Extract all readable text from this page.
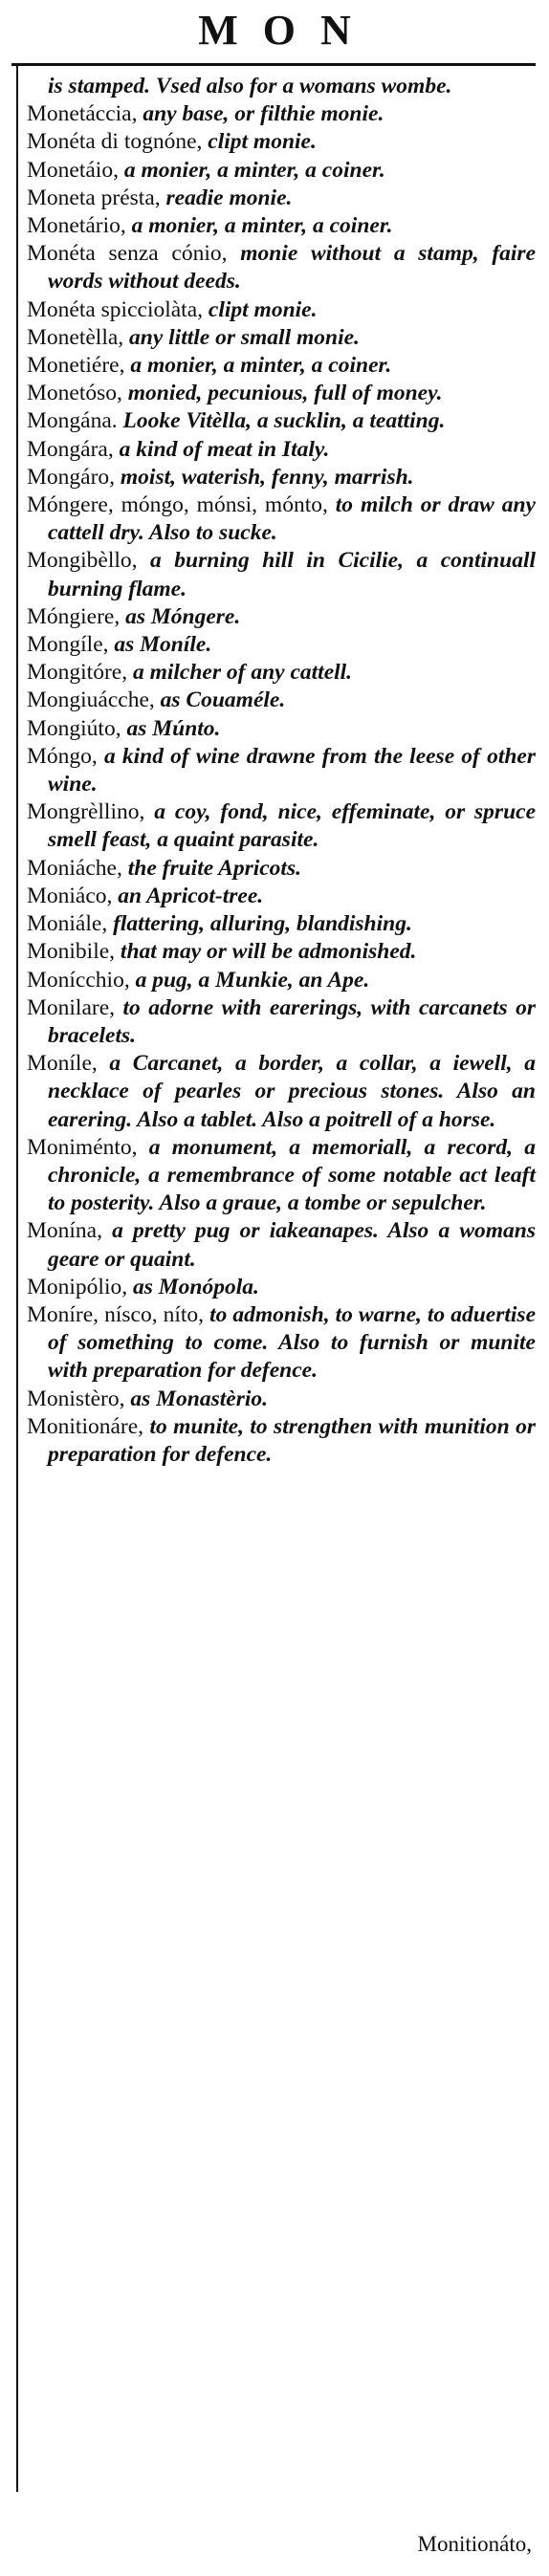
MON

is stamped. Vsed also for a womans wombe.

Monetáccia, any base, or filthie monie.

Monéta di tognóne, clipt monie.

Monetáio, a monier, a minter, a coiner.

Moneta présta, readie monie.

Monetário, a monier, a minter, a coiner.

Monéta senza cónio, monie without a stamp, faire words without deeds.

Monéta spicciolàta, clipt monie.

Monetèlla, any little or small monie.

Monetiére, a monier, a minter, a coiner.

Monetóso, monied, pecunious, full of money.

Mongána. Looke Vitèlla, a sucklin, a teatting.

Mongára, a kind of meat in Italy.

Mongáro, moist, waterish, fenny, marrish.

Móngere, móngo, mónsi, mónto, to milch or draw any cattell dry. Also to sucke.

Mongibèllo, a burning hill in Cicilie, a continuall burning flame.

Móngiere, as Móngere.

Mongíle, as Moníle.

Mongitóre, a milcher of any cattell.

Mongiuácche, as Couaméle.

Mongiúto, as Múnto.

Móngo, a kind of wine drawne from the leese of other wine.

Mongrèllino, a coy, fond, nice, effeminate, or spruce smell feast, a quaint parasite.

Moniáche, the fruite Apricots.

Moniáco, an Apricot-tree.

Moniále, flattering, alluring, blandishing.

Monibile, that may or will be admonished.

Monícchio, a pug, a Munkie, an Ape.

Monilare, to adorne with earerings, with carcanets or bracelets.

Moníle, a Carcanet, a border, a collar, a iewell, a necklace of pearles or precious stones. Also an earering. Also a tablet. Also a poitrell of a horse.

Moniménto, a monument, a memoriall, a record, a chronicle, a remembrance of some notable act leaft to posterity. Also a graue, a tombe or sepulcher.

Monína, a pretty pug or iakeanapes. Also a womans geare or quaint.

Monipólio, as Monópola.

Moníre, nísco, níto, to admonish, to warne, to aduertise of something to come. Also to furnish or munite with preparation for defence.

Monistèro, as Monastèrio.

Monitionáre, to munite, to strengthen with munition or preparation for defence.

Monitionáto,
